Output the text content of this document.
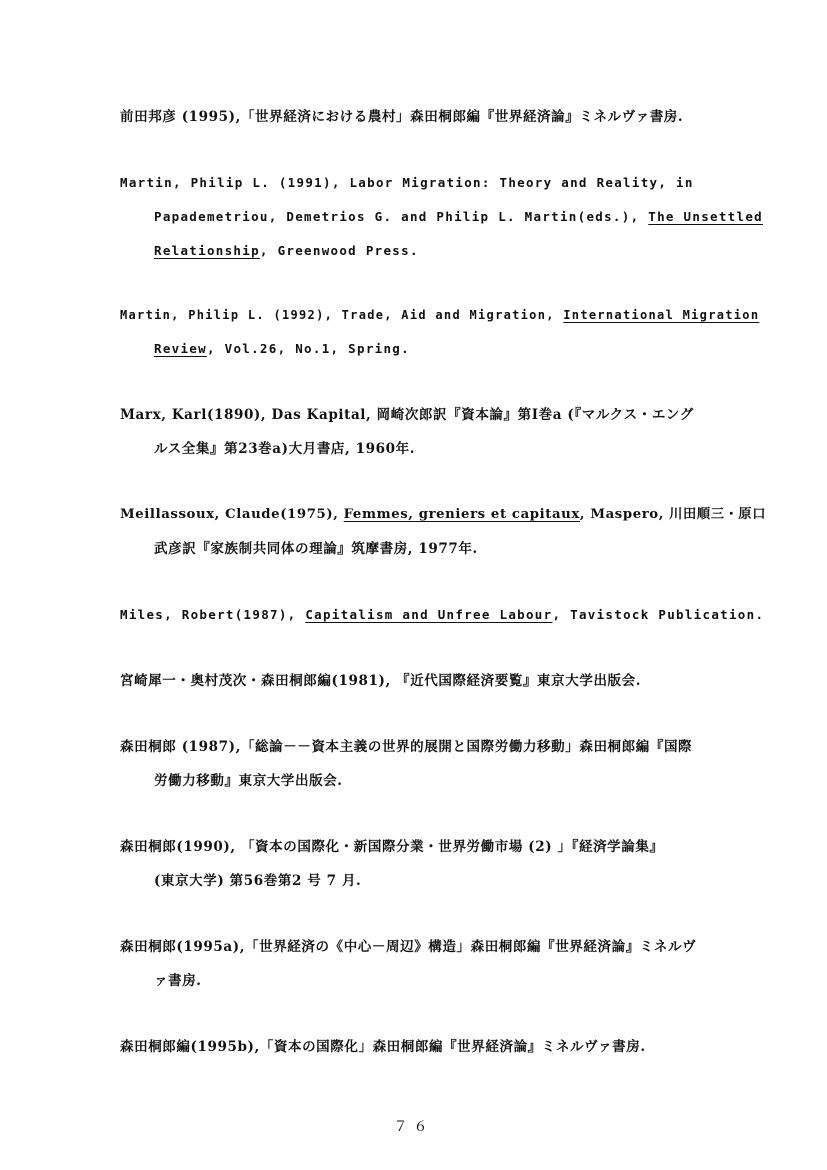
前田邦彦 (1995),「世界経済における農村」森田桐郎編『世界経済論』ミネルヴァ書房.
Martin, Philip L. (1991), Labor Migration: Theory and Reality, in
Papademetriou, Demetrios G. and Philip L. Martin(eds.), The Unsettled
Relationship, Greenwood Press.
Martin, Philip L. (1992), Trade, Aid and Migration, International Migration
Review, Vol.26, No.1, Spring.
Marx, Karl(1890), Das Kapital, 岡崎次郎訳『資本論』第Ⅰ巻a (『マルクス・エング
ルス全集』第23巻a)大月書店, 1960年.
Meillassoux, Claude(1975), Femmes, greniers et capitaux, Maspero, 川田順三・原口
武彦訳『家族制共同体の理論』筑摩書房, 1977年.
Miles, Robert(1987), Capitalism and Unfree Labour, Tavistock Publication.
宮崎犀一・奥村茂次・森田桐郎編(1981), 『近代国際経済要覧』東京大学出版会.
森田桐郎 (1987),「総論－－資本主義の世界的展開と国際労働力移動」森田桐郎編『国際
労働力移動』東京大学出版会.
森田桐郎(1990), 「資本の国際化・新国際分業・世界労働市場 (2) 」『経済学論集』
(東京大学) 第56巻第2 号 7 月.
森田桐郎(1995a),「世界経済の《中心－周辺》構造」森田桐郎編『世界経済論』ミネルヴ
ァ書房.
森田桐郎編(1995b),「資本の国際化」森田桐郎編『世界経済論』ミネルヴァ書房.
７６
